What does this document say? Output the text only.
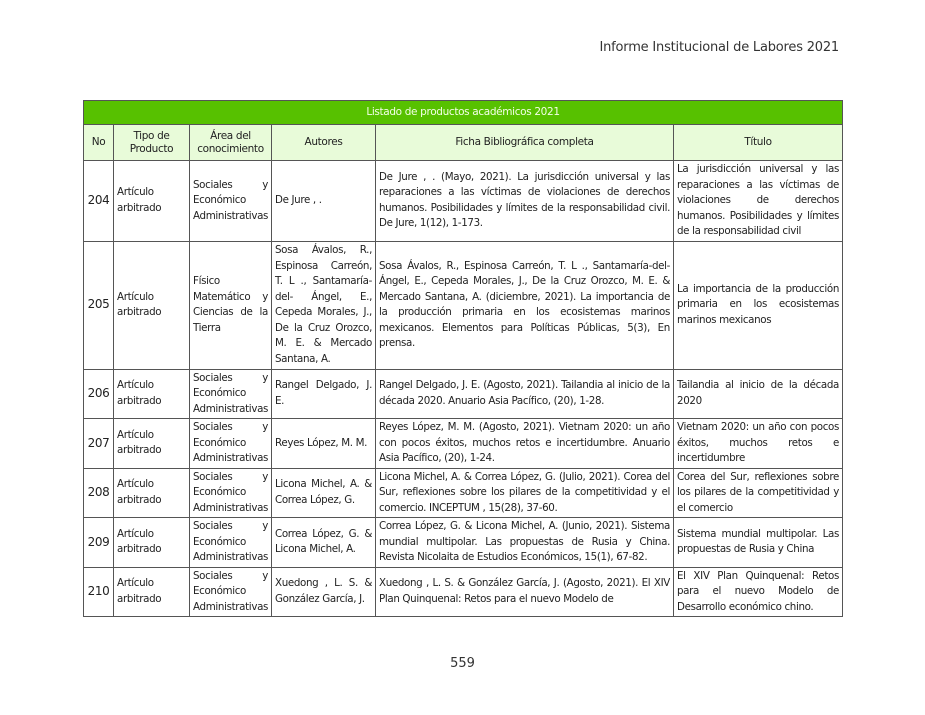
Informe Institucional de Labores 2021
Listado de productos académicos 2021					
No	Tipo de Producto	Área del conocimiento	Autores	Ficha Bibliográfica completa	Título
204	Artículo arbitrado	Sociales y Económico Administrativas	De Jure , .	De Jure , . (Mayo, 2021). La jurisdicción universal y las reparaciones a las víctimas de violaciones de derechos humanos. Posibilidades y límites de la responsabilidad civil. De Jure, 1(12), 1-173.	La jurisdicción universal y las reparaciones a las víctimas de violaciones de derechos humanos. Posibilidades y límites de la responsabilidad civil
205	Artículo arbitrado	Físico Matemático y Ciencias de la Tierra	Sosa Ávalos, R., Espinosa Carreón, T. L ., Santamaría-del- Ángel, E., Cepeda Morales, J., De la Cruz Orozco, M. E. & Mercado Santana, A.	Sosa Ávalos, R., Espinosa Carreón, T. L ., Santamaría-del-Ángel, E., Cepeda Morales, J., De la Cruz Orozco, M. E. & Mercado Santana, A. (diciembre, 2021). La importancia de la producción primaria en los ecosistemas marinos mexicanos. Elementos para Políticas Públicas, 5(3), En prensa.	La importancia de la producción primaria en los ecosistemas marinos mexicanos
206	Artículo arbitrado	Sociales y Económico Administrativas	Rangel Delgado, J. E.	Rangel Delgado, J. E. (Agosto, 2021). Tailandia al inicio de la década 2020. Anuario Asia Pacífico, (20), 1-28.	Tailandia al inicio de la década 2020
207	Artículo arbitrado	Sociales y Económico Administrativas	Reyes López, M. M.	Reyes López, M. M. (Agosto, 2021). Vietnam 2020: un año con pocos éxitos, muchos retos e incertidumbre. Anuario Asia Pacífico, (20), 1-24.	Vietnam 2020: un año con pocos éxitos, muchos retos e incertidumbre
208	Artículo arbitrado	Sociales y Económico Administrativas	Licona Michel, A. & Correa López, G.	Licona Michel, A. & Correa López, G. (Julio, 2021). Corea del Sur, reflexiones sobre los pilares de la competitividad y el comercio. INCEPTUM , 15(28), 37-60.	Corea del Sur, reflexiones sobre los pilares de la competitividad y el comercio
209	Artículo arbitrado	Sociales y Económico Administrativas	Correa López, G. & Licona Michel, A.	Correa López, G. & Licona Michel, A. (Junio, 2021). Sistema mundial multipolar. Las propuestas de Rusia y China. Revista Nicolaita de Estudios Económicos, 15(1), 67-82.	Sistema mundial multipolar. Las propuestas de Rusia y China
210	Artículo arbitrado	Sociales y Económico Administrativas	Xuedong , L. S. & González García, J.	Xuedong , L. S. & González García, J. (Agosto, 2021). El XIV Plan Quinquenal: Retos para el nuevo Modelo de	El XIV Plan Quinquenal: Retos para el nuevo Modelo de Desarrollo económico chino.
559
